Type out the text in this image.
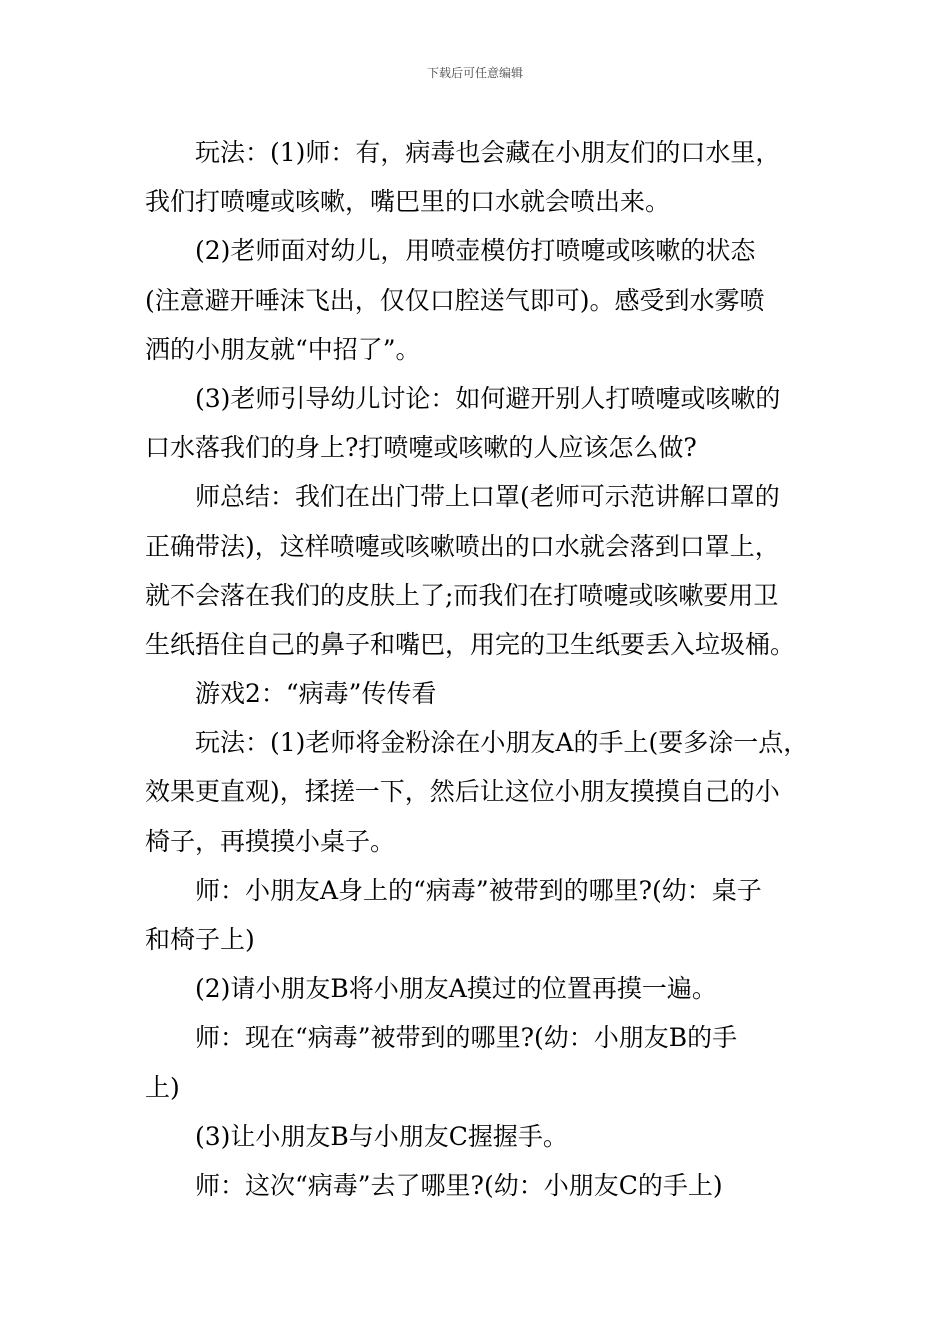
下载后可任意编辑
玩法：(1)师：有，病毒也会藏在小朋友们的口水里，
我们打喷嚏或咳嗽，嘴巴里的口水就会喷出来。
(2)老师面对幼儿，用喷壶模仿打喷嚏或咳嗽的状态
(注意避开唾沫飞出，仅仅口腔送气即可)。感受到水雾喷
洒的小朋友就“中招了”。
(3)老师引导幼儿讨论：如何避开别人打喷嚏或咳嗽的
口水落我们的身上?打喷嚏或咳嗽的人应该怎么做?
师总结：我们在出门带上口罩(老师可示范讲解口罩的
正确带法)，这样喷嚏或咳嗽喷出的口水就会落到口罩上，
就不会落在我们的皮肤上了;而我们在打喷嚏或咳嗽要用卫
生纸捂住自己的鼻子和嘴巴，用完的卫生纸要丢入垃圾桶。
游戏2：“病毒”传传看
玩法：(1)老师将金粉涂在小朋友A的手上(要多涂一点，
效果更直观)，揉搓一下，然后让这位小朋友摸摸自己的小
椅子，再摸摸小桌子。
师：小朋友A身上的“病毒”被带到的哪里?(幼：桌子
和椅子上)
(2)请小朋友B将小朋友A摸过的位置再摸一遍。
师：现在“病毒”被带到的哪里?(幼：小朋友B的手
上)
(3)让小朋友B与小朋友C握握手。
师：这次“病毒”去了哪里?(幼：小朋友C的手上)
